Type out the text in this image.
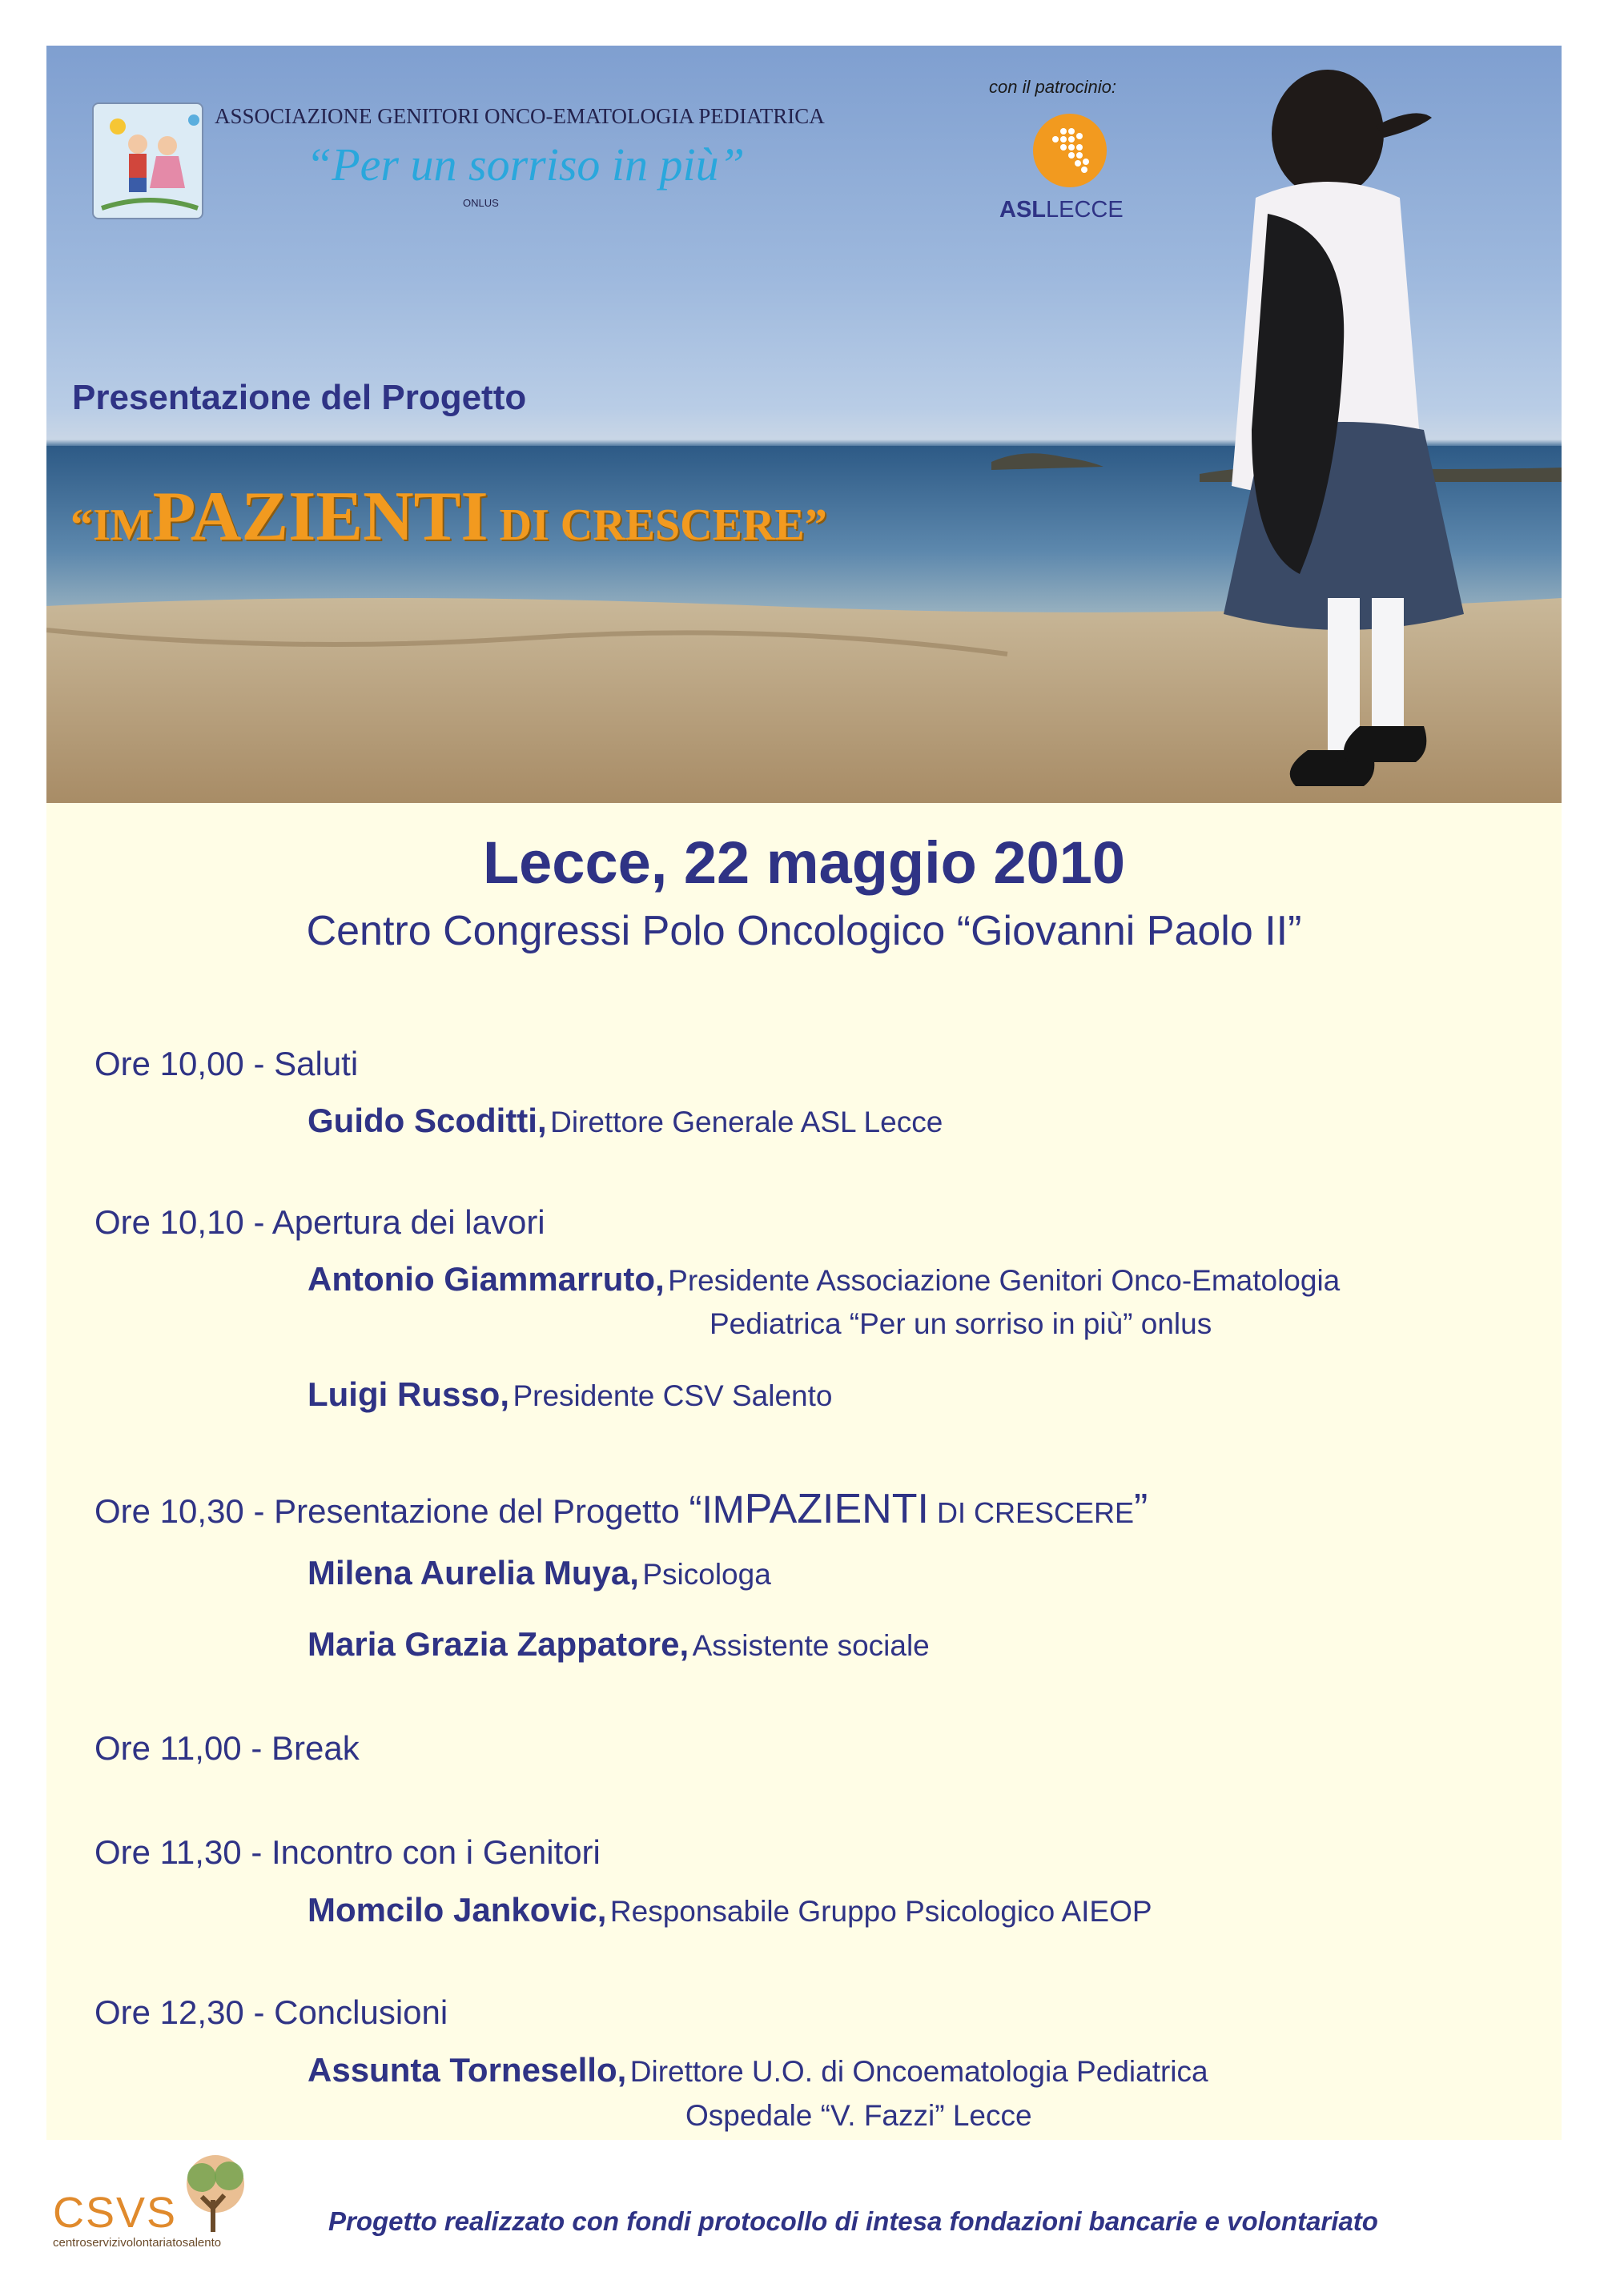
ASSOCIAZIONE GENITORI ONCO-EMATOLOGIA PEDIATRICA
“Per un sorriso in più”
ONLUS
con il patrocinio:
ASLLECCE
Presentazione del Progetto
“IMPAZIENTI DI CRESCERE”
Lecce, 22 maggio 2010
Centro Congressi Polo Oncologico “Giovanni Paolo II”
Ore 10,00 - Saluti
Guido Scoditti, Direttore Generale ASL Lecce
Ore 10,10 - Apertura dei lavori
Antonio Giammarruto, Presidente Associazione Genitori Onco-Ematologia
Pediatrica “Per un sorriso in più” onlus
Luigi Russo, Presidente CSV Salento
Ore 10,30 - Presentazione del Progetto “IMPAZIENTI DI CRESCERE”
Milena Aurelia Muya, Psicologa
Maria Grazia Zappatore, Assistente sociale
Ore 11,00 - Break
Ore 11,30 - Incontro con i Genitori
Momcilo Jankovic, Responsabile Gruppo Psicologico AIEOP
Ore 12,30 - Conclusioni
Assunta Tornesello, Direttore U.O. di Oncoematologia Pediatrica
Ospedale “V. Fazzi” Lecce
CSVS
centroservizivolontariatosalento
Progetto realizzato con fondi protocollo di intesa fondazioni bancarie e volontariato
